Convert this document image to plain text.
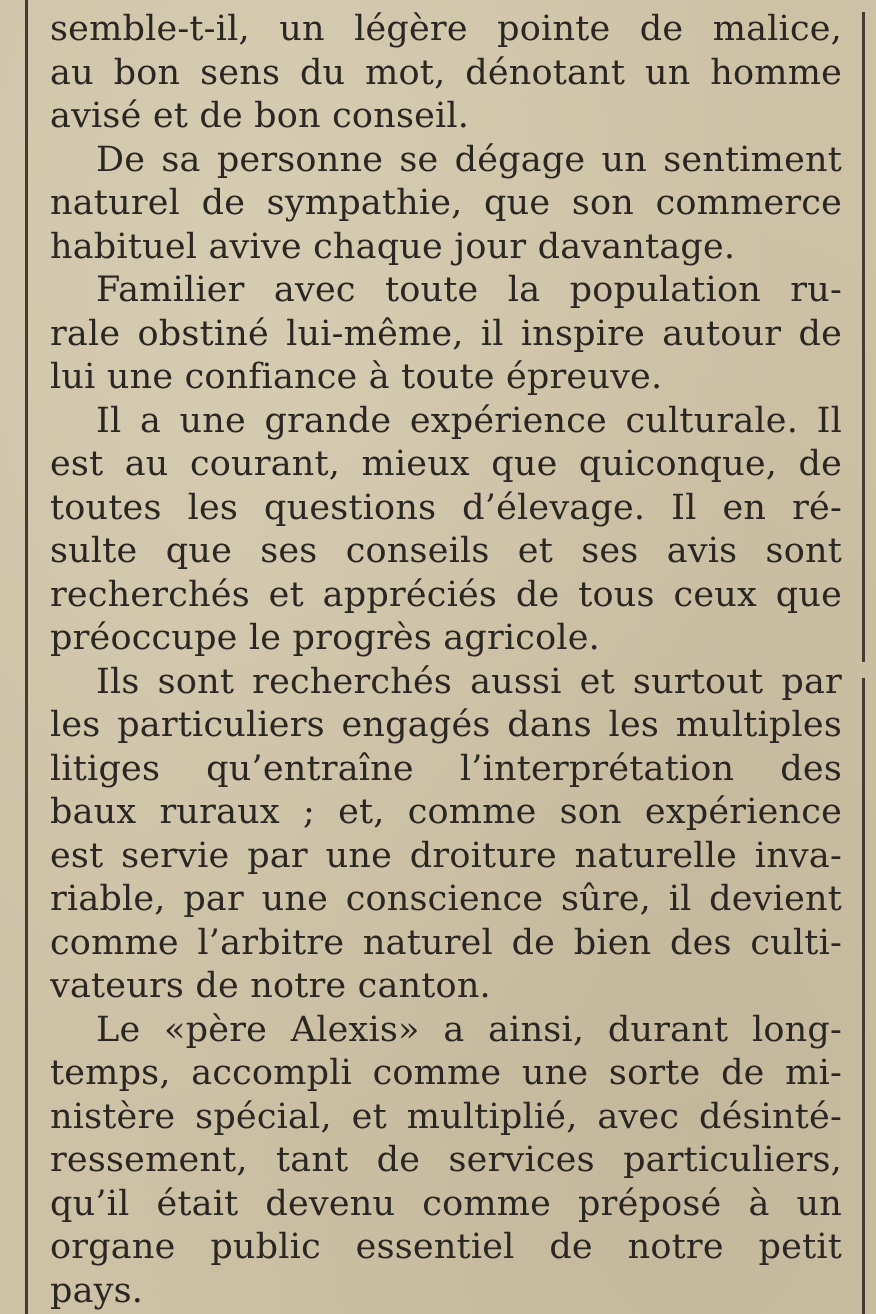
semble-t-il, un légère pointe de malice,
au bon sens du mot, dénotant un homme
avisé et de bon conseil.
De sa personne se dégage un sentiment
naturel de sympathie, que son commerce
habituel avive chaque jour davantage.
Familier avec toute la population ru-
rale obstiné lui-même, il inspire autour de
lui une confiance à toute épreuve.
Il a une grande expérience culturale. Il
est au courant, mieux que quiconque, de
toutes les questions d’élevage. Il en ré-
sulte que ses conseils et ses avis sont
recherchés et appréciés de tous ceux que
préoccupe le progrès agricole.
Ils sont recherchés aussi et surtout par
les particuliers engagés dans les multiples
litiges qu’entraîne l’interprétation des
baux ruraux ; et, comme son expérience
est servie par une droiture naturelle inva-
riable, par une conscience sûre, il devient
comme l’arbitre naturel de bien des culti-
vateurs de notre canton.
Le «père Alexis» a ainsi, durant long-
temps, accompli comme une sorte de mi-
nistère spécial, et multiplié, avec désinté-
ressement, tant de services particuliers,
qu’il était devenu comme préposé à un
organe public essentiel de notre petit
pays.
